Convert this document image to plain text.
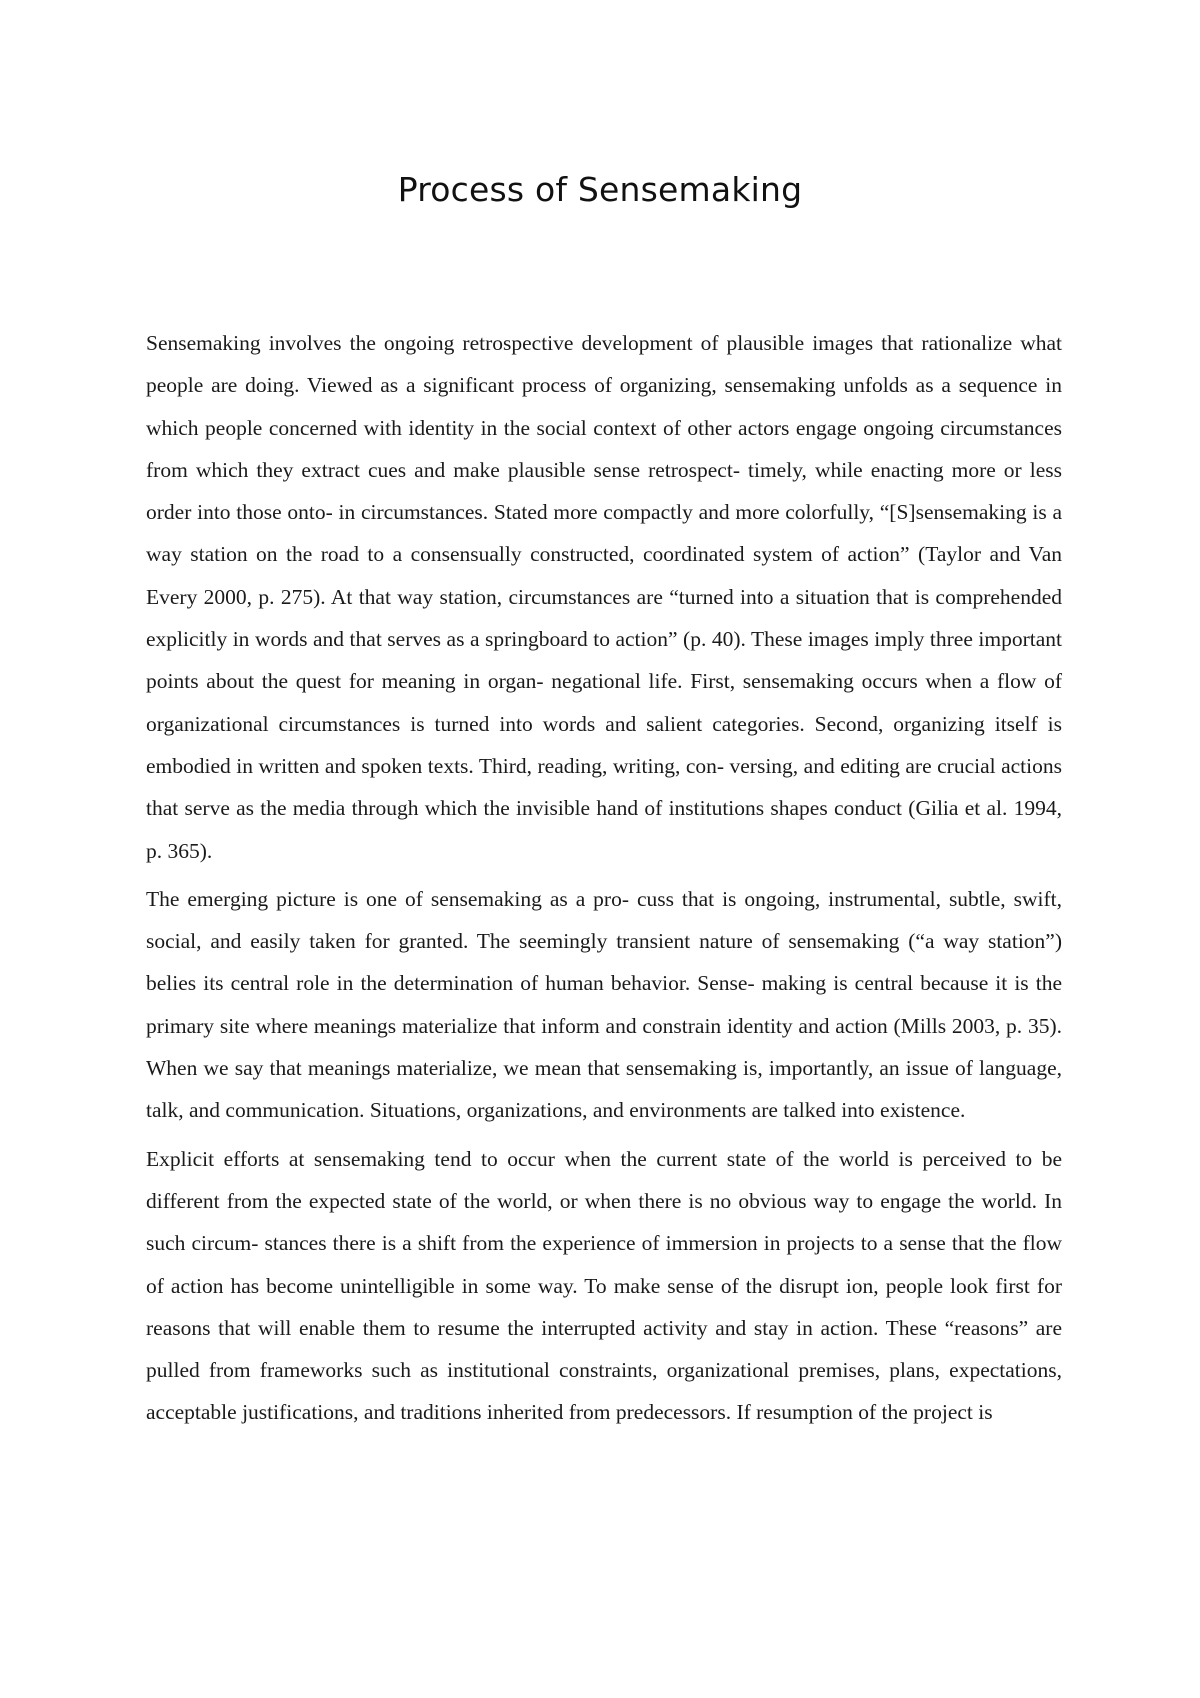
Process of Sensemaking

Sensemaking involves the ongoing retrospective development of plausible images that rationalize what people are doing. Viewed as a significant process of organizing, sensemaking unfolds as a sequence in which people concerned with identity in the social context of other actors engage ongoing circumstances from which they extract cues and make plausible sense retrospect- timely, while enacting more or less order into those onto- in circumstances. Stated more compactly and more colorfully, “[S]sensemaking is a way station on the road to a consensually constructed, coordinated system of action” (Taylor and Van Every 2000, p. 275). At that way station, circumstances are “turned into a situation that is comprehended explicitly in words and that serves as a springboard to action” (p. 40). These images imply three important points about the quest for meaning in organ- negational life. First, sensemaking occurs when a flow of organizational circumstances is turned into words and salient categories. Second, organizing itself is embodied in written and spoken texts. Third, reading, writing, con- versing, and editing are crucial actions that serve as the media through which the invisible hand of institutions shapes conduct (Gilia et al. 1994, p. 365).

The emerging picture is one of sensemaking as a pro- cuss that is ongoing, instrumental, subtle, swift, social, and easily taken for granted. The seemingly transient nature of sensemaking (“a way station”) belies its central role in the determination of human behavior. Sense- making is central because it is the primary site where meanings materialize that inform and constrain identity and action (Mills 2003, p. 35). When we say that meanings materialize, we mean that sensemaking is, importantly, an issue of language, talk, and communication. Situations, organizations, and environments are talked into existence.

Explicit efforts at sensemaking tend to occur when the current state of the world is perceived to be different from the expected state of the world, or when there is no obvious way to engage the world. In such circum- stances there is a shift from the experience of immersion in projects to a sense that the flow of action has become unintelligible in some way. To make sense of the disrupt ion, people look first for reasons that will enable them to resume the interrupted activity and stay in action. These “reasons” are pulled from frameworks such as institutional constraints, organizational premises, plans, expectations, acceptable justifications, and traditions inherited from predecessors. If resumption of the project is
